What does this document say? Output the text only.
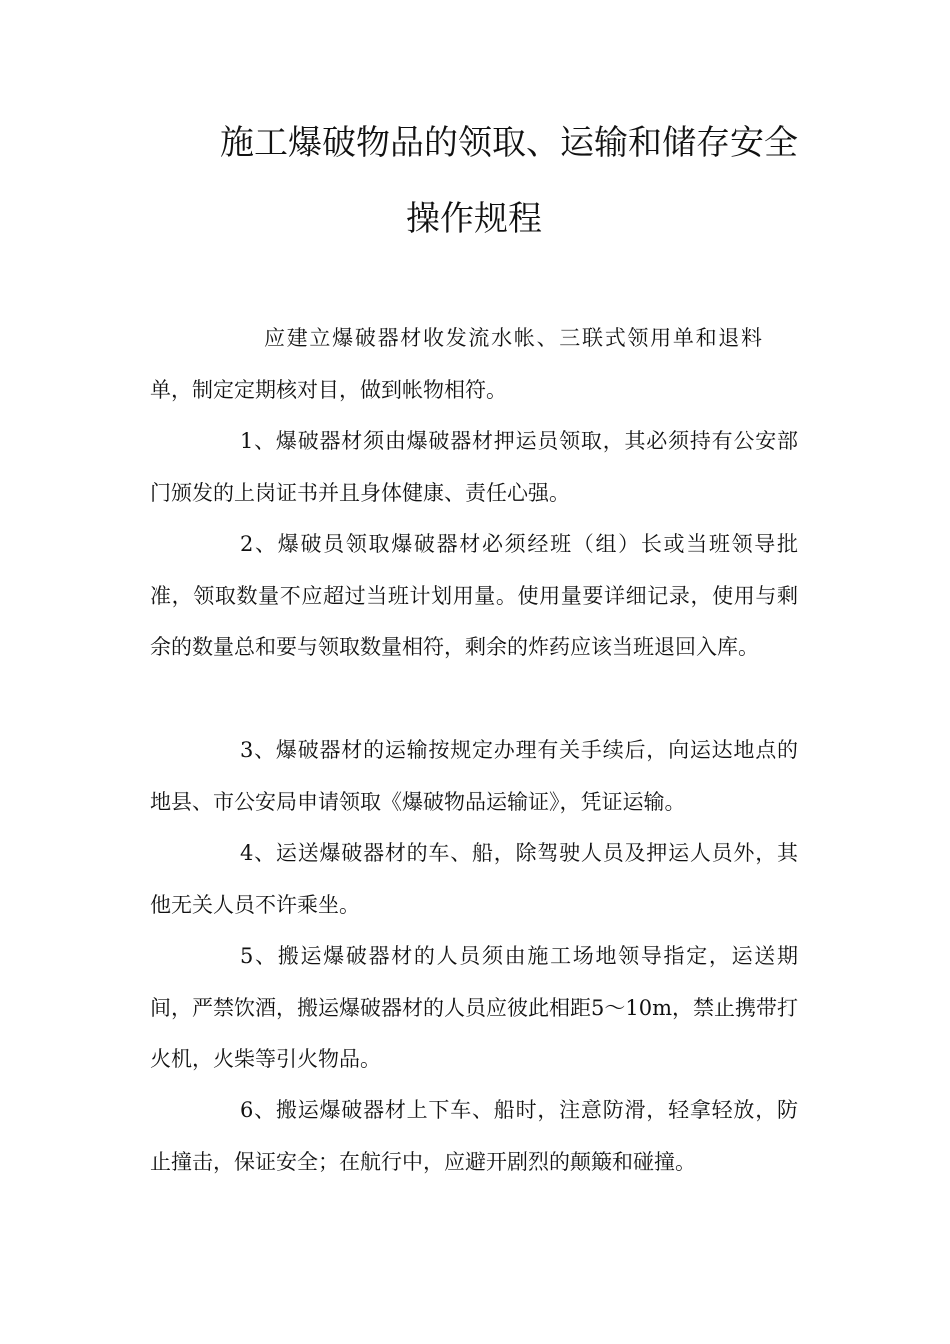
施工爆破物品的领取、运输和储存安全
操作规程

应建立爆破器材收发流水帐、三联式领用单和退料单，制定定期核对目，做到帐物相符。

1、爆破器材须由爆破器材押运员领取，其必须持有公安部门颁发的上岗证书并且身体健康、责任心强。

2、爆破员领取爆破器材必须经班（组）长或当班领导批准，领取数量不应超过当班计划用量。使用量要详细记录，使用与剩余的数量总和要与领取数量相符，剩余的炸药应该当班退回入库。

3、爆破器材的运输按规定办理有关手续后，向运达地点的地县、市公安局申请领取《爆破物品运输证》，凭证运输。

4、运送爆破器材的车、船，除驾驶人员及押运人员外，其他无关人员不许乘坐。

5、搬运爆破器材的人员须由施工场地领导指定，运送期间，严禁饮酒，搬运爆破器材的人员应彼此相距5～10m，禁止携带打火机，火柴等引火物品。

6、搬运爆破器材上下车、船时，注意防滑，轻拿轻放，防止撞击，保证安全；在航行中，应避开剧烈的颠簸和碰撞。
